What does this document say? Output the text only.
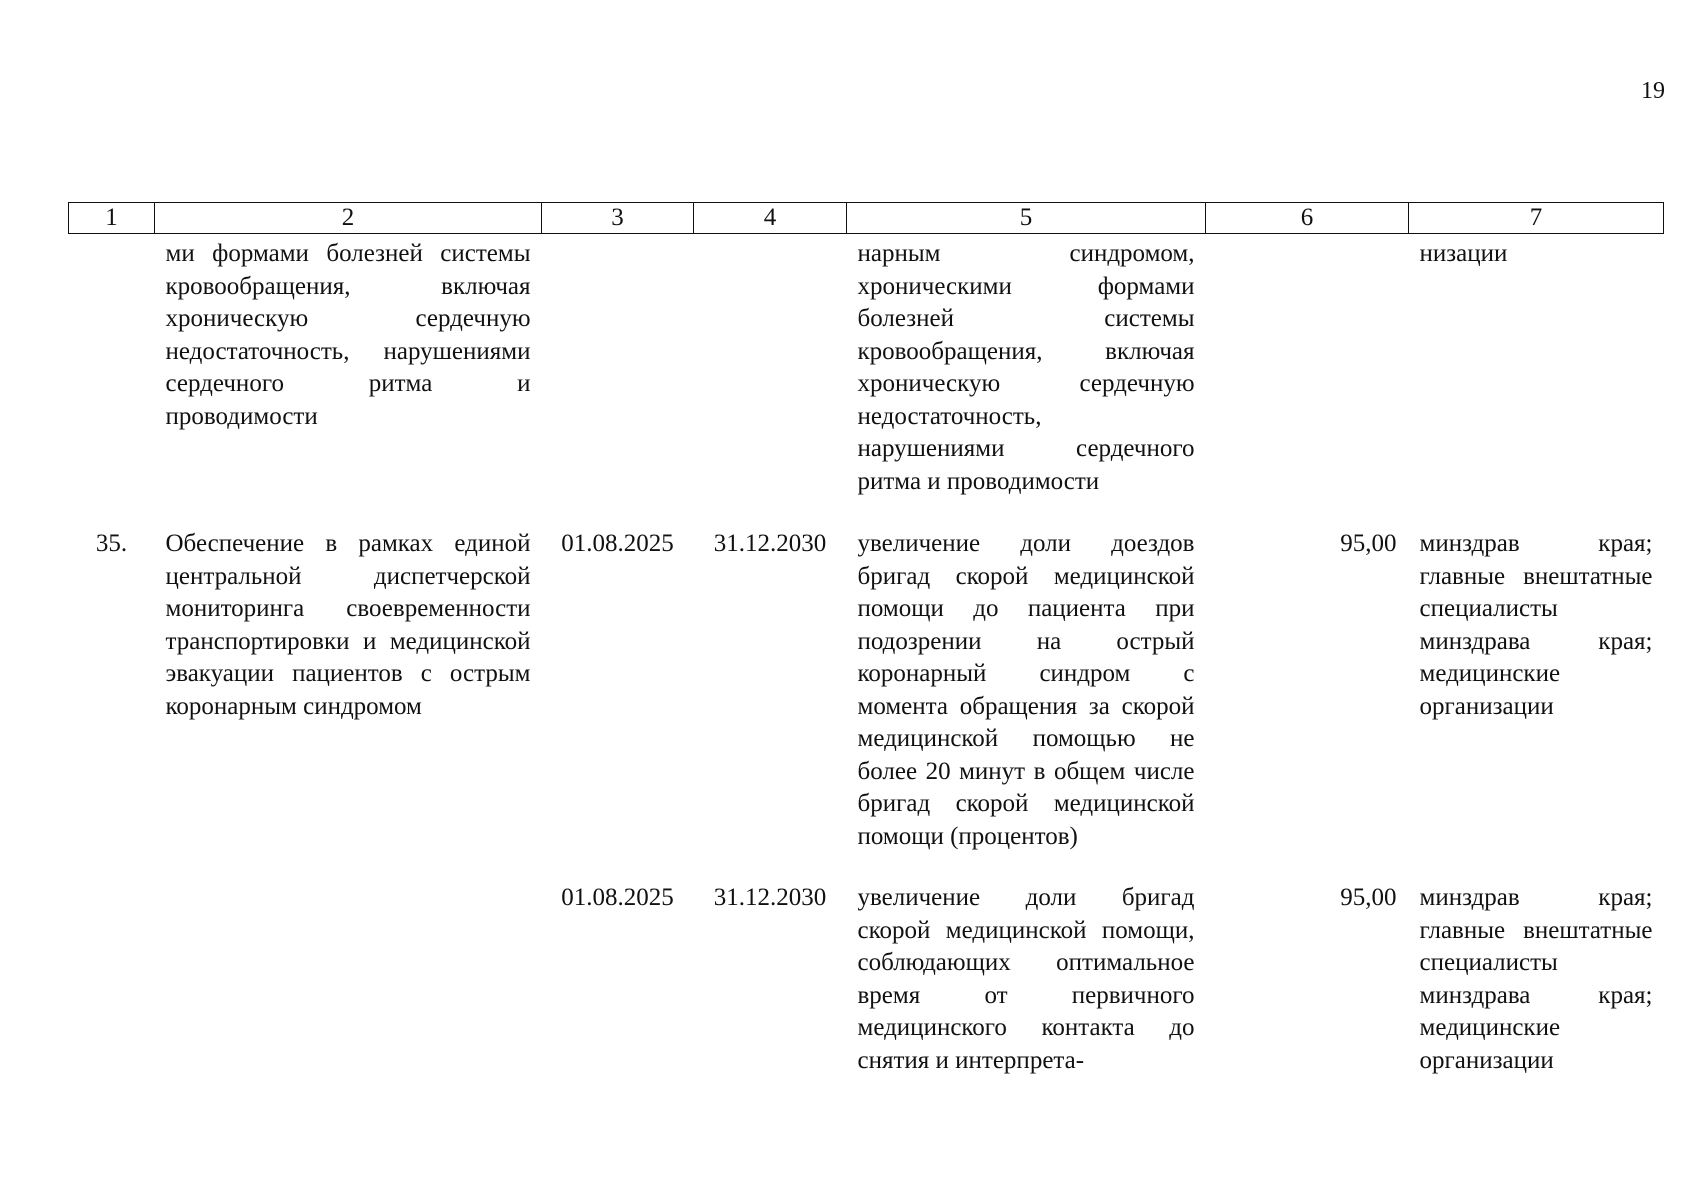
19
1	2	3	4	5	6	7
	ми формами болезней системы кровообращения, включая хроническую сердечную недостаточность, нарушениями сердечного ритма и проводимости			нарным синдромом, хроническими формами болезней системы кровообращения, включая хроническую сердечную недостаточность, нарушениями сердечного ритма и проводимости		низации
35.	Обеспечение в рамках единой центральной диспетчерской мониторинга своевременности транспортировки и медицинской эвакуации пациентов с острым коронарным синдромом	01.08.2025	31.12.2030	увеличение доли доездов бригад скорой медицинской помощи до пациента при подозрении на острый коронарный синдром с момента обращения за скорой медицинской помощью не более 20 минут в общем числе бригад скорой медицинской помощи (процентов)	95,00	минздрав края; главные внештатные специалисты минздрава края; медицинские организации
		01.08.2025	31.12.2030	увеличение доли бригад скорой медицинской помощи, соблюдающих оптимальное время от первичного медицинского контакта до снятия и интерпрета-	95,00	минздрав края; главные внештатные специалисты минздрава края; медицинские организации
